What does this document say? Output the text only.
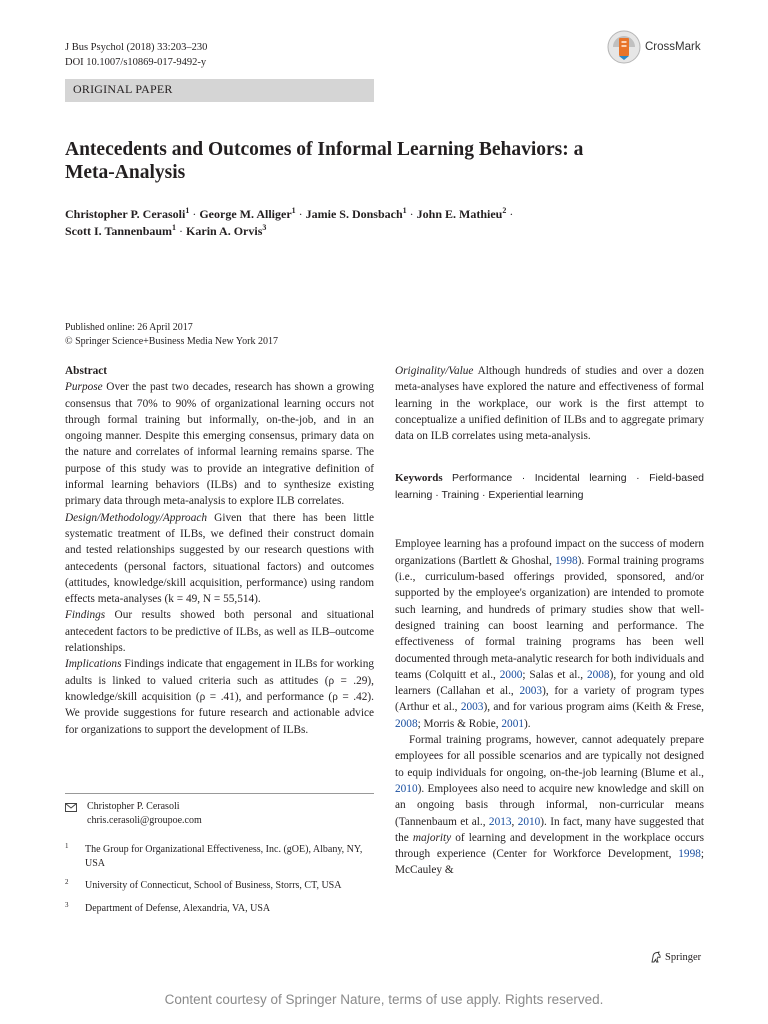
J Bus Psychol (2018) 33:203–230
DOI 10.1007/s10869-017-9492-y
CrossMark
ORIGINAL PAPER
Antecedents and Outcomes of Informal Learning Behaviors: a Meta-Analysis
Christopher P. Cerasoli$^1$ · George M. Alliger$^1$ · Jamie S. Donsbach$^1$ · John E. Mathieu$^2$ ·
Scott I. Tannenbaum$^1$ · Karin A. Orvis$^3$
Published online: 26 April 2017
© Springer Science+Business Media New York 2017
Abstract

Purpose Over the past two decades, research has shown a growing consensus that 70% to 90% of organizational learning occurs not through formal training but informally, on-the-job, and in an ongoing manner. Despite this emerging consensus, primary data on the nature and correlates of informal learning remains sparse. The purpose of this study was to provide an integrative definition of informal learning behaviors (ILBs) and to synthesize existing primary data through meta-analysis to explore ILB correlates.

Design/Methodology/Approach Given that there has been little systematic treatment of ILBs, we defined their construct domain and tested relationships suggested by our research questions with antecedents (personal factors, situational factors) and outcomes (attitudes, knowledge/skill acquisition, performance) using random effects meta-analyses (k = 49, N = 55,514).

Findings Our results showed both personal and situational antecedent factors to be predictive of ILBs, as well as ILB–outcome relationships.

Implications Findings indicate that engagement in ILBs for working adults is linked to valued criteria such as attitudes (ρ = .29), knowledge/skill acquisition (ρ = .41), and performance (ρ = .42). We provide suggestions for future research and actionable advice for organizations to support the development of ILBs.

Christopher P. Cerasoli
chris.cerasoli@groupoe.com
1	The Group for Organizational Effectiveness, Inc. (gOE), Albany, NY, USA
2	University of Connecticut, School of Business, Storrs, CT, USA
3	Department of Defense, Alexandria, VA, USA

Originality/Value Although hundreds of studies and over a dozen meta-analyses have explored the nature and effectiveness of formal learning in the workplace, our work is the first attempt to conceptualize a unified definition of ILBs and to aggregate primary data on ILB correlates using meta-analysis.

Keywords Performance · Incidental learning · Field-based learning · Training · Experiential learning

Employee learning has a profound impact on the success of modern organizations (Bartlett & Ghoshal, 1998). Formal training programs (i.e., curriculum-based offerings provided, sponsored, and/or supported by the employee's organization) are intended to promote such learning, and hundreds of primary studies show that well-designed training can boost learning and performance. The effectiveness of formal training programs has been well documented through meta-analytic research for both individuals and teams (Colquitt et al., 2000; Salas et al., 2008), for young and old learners (Callahan et al., 2003), for a variety of program types (Arthur et al., 2003), and for various program aims (Keith & Frese, 2008; Morris & Robie, 2001).

Formal training programs, however, cannot adequately prepare employees for all possible scenarios and are typically not designed to equip individuals for ongoing, on-the-job learning (Blume et al., 2010). Employees also need to acquire new knowledge and skill on an ongoing basis through informal, non-curricular means (Tannenbaum et al., 2013, 2010). In fact, many have suggested that the majority of learning and development in the workplace occurs through experience (Center for Workforce Development, 1998; McCauley &

Springer
Content courtesy of Springer Nature, terms of use apply. Rights reserved.
